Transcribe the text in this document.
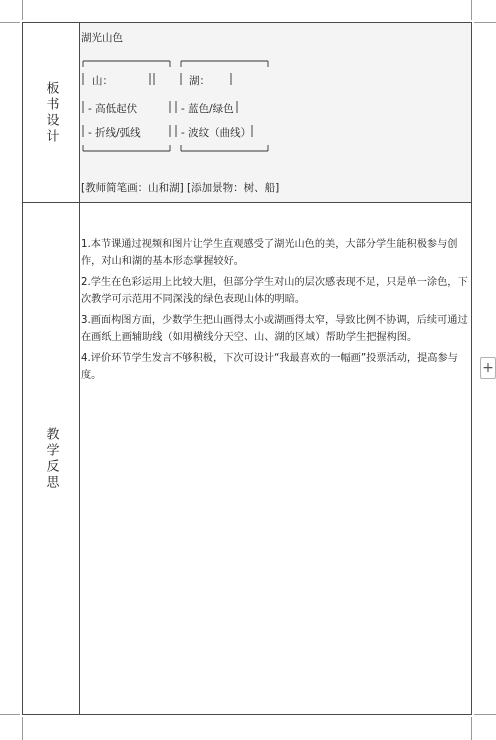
板书设计
湖光山色
山：
- 高低起伏
- 折线/弧线
湖：
- 蓝色/绿色
- 波纹（曲线）
[教师简笔画：山和湖] [添加景物：树、船]
教学反思

1.本节课通过视频和图片让学生直观感受了湖光山色的美，大部分学生能积极参与创作，对山和湖的基本形态掌握较好。

2.学生在色彩运用上比较大胆，但部分学生对山的层次感表现不足，只是单一涂色，下次教学可示范用不同深浅的绿色表现山体的明暗。

3.画面构图方面，少数学生把山画得太小或湖画得太窄，导致比例不协调，后续可通过在画纸上画辅助线（如用横线分天空、山、湖的区域）帮助学生把握构图。

4.评价环节学生发言不够积极，下次可设计“我最喜欢的一幅画”投票活动，提高参与度。	+
